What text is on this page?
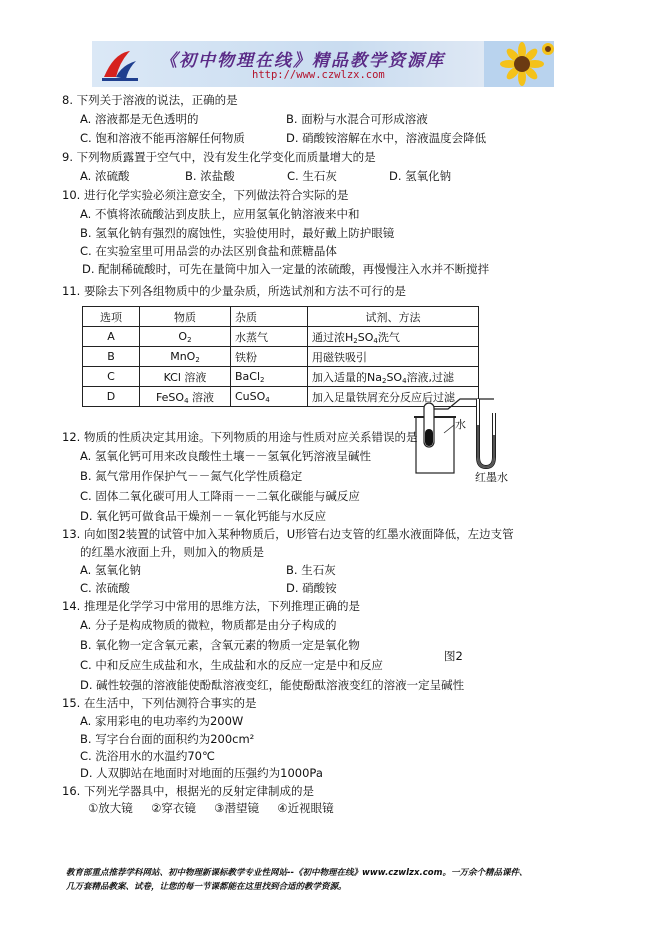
《初中物理在线》精品教学资源库
http://www.czwlzx.com
8. 下列关于溶液的说法，正确的是
A. 溶液都是无色透明的	B. 面粉与水混合可形成溶液
C. 饱和溶液不能再溶解任何物质	D. 硝酸铵溶解在水中，溶液温度会降低
9. 下列物质露置于空气中，没有发生化学变化而质量增大的是
A. 浓硫酸	B. 浓盐酸	C. 生石灰	D. 氢氧化钠
10. 进行化学实验必须注意安全，下列做法符合实际的是
A. 不慎将浓硫酸沾到皮肤上，应用氢氧化钠溶液来中和
B. 氢氧化钠有强烈的腐蚀性，实验使用时，最好戴上防护眼镜
C. 在实验室里可用品尝的办法区别食盐和蔗糖晶体
D. 配制稀硫酸时，可先在量筒中加入一定量的浓硫酸，再慢慢注入水并不断搅拌
11. 要除去下列各组物质中的少量杂质，所选试剂和方法不可行的是
选项	物质	杂质	试剂、方法
A	$O_2$	水蒸气	通过浓$H_2SO_4$洗气
B	MnO$_2$	铁粉	用磁铁吸引
C	KCl 溶液	BaCl$_2$	加入适量的$Na_2SO_4$溶液,过滤
D	FeSO$_4$ 溶液	CuSO$_4$	加入足量铁屑充分反应后过滤
水
红墨水
12. 物质的性质决定其用途。下列物质的用途与性质对应关系错误的是
A. 氢氧化钙可用来改良酸性土壤－－氢氧化钙溶液呈碱性
B. 氮气常用作保护气－－氮气化学性质稳定
C. 固体二氧化碳可用人工降雨－－二氧化碳能与碱反应
D. 氧化钙可做食品干燥剂－－氧化钙能与水反应
13. 向如图2装置的试管中加入某种物质后，U形管右边支管的红墨水液面降低，左边支管
的红墨水液面上升，则加入的物质是
A. 氢氧化钠	B. 生石灰
C. 浓硫酸	D. 硝酸铵
14. 推理是化学学习中常用的思维方法，下列推理正确的是
A. 分子是构成物质的微粒，物质都是由分子构成的
B. 氧化物一定含氧元素，含氧元素的物质一定是氧化物
图2
C. 中和反应生成盐和水，生成盐和水的反应一定是中和反应
D. 碱性较强的溶液能使酚酞溶液变红，能使酚酞溶液变红的溶液一定呈碱性
15. 在生活中，下列估测符合事实的是
A. 家用彩电的电功率约为200W
B. 写字台台面的面积约为200cm²
C. 洗浴用水的水温约70℃
D. 人双脚站在地面时对地面的压强约为1000Pa
16. 下列光学器具中，根据光的反射定律制成的是
①放大镜     ②穿衣镜     ③潜望镜     ④近视眼镜
教育部重点推荐学科网站、初中物理新课标教学专业性网站--《初中物理在线》www.czwlzx.com。一万余个精品课件、
几万套精品教案、试卷，让您的每一节课都能在这里找到合适的教学资源。
